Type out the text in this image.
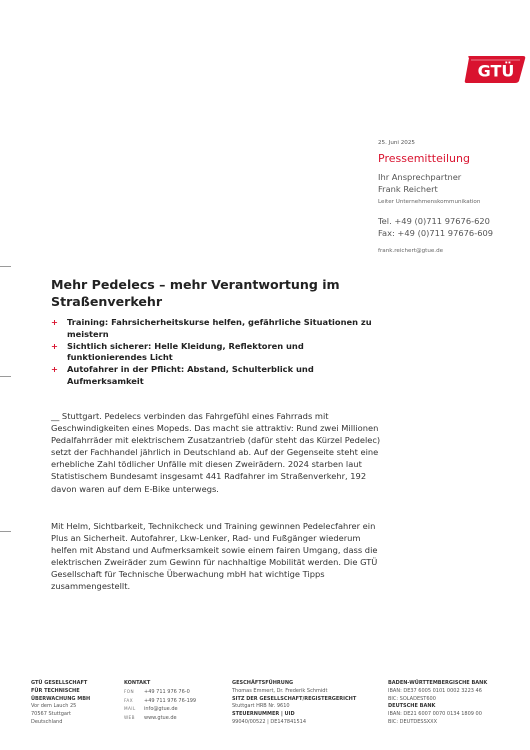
GTÜ
25. Juni 2025
Pressemitteilung
Ihr Ansprechpartner
Frank Reichert
Leiter Unternehmenskommunikation
Tel. +49 (0)711 97676-620
Fax: +49 (0)711 97676-609
frank.reichert@gtue.de
Mehr Pedelecs – mehr Verantwortung im
Straßenverkehr
+ Training: Fahrsicherheitskurse helfen, gefährliche Situationen zu meistern
+ Sichtlich sicherer: Helle Kleidung, Reflektoren und funktionierendes Licht
+ Autofahrer in der Pflicht: Abstand, Schulterblick und Aufmerksamkeit

__ Stuttgart. Pedelecs verbinden das Fahrgefühl eines Fahrrads mit Geschwindigkeiten eines Mopeds. Das macht sie attraktiv: Rund zwei Millionen Pedalfahrräder mit elektrischem Zusatzantrieb (dafür steht das Kürzel Pedelec) setzt der Fachhandel jährlich in Deutschland ab. Auf der Gegenseite steht eine erhebliche Zahl tödlicher Unfälle mit diesen Zweirädern. 2024 starben laut Statistischem Bundesamt insgesamt 441 Radfahrer im Straßenverkehr, 192 davon waren auf dem E-Bike unterwegs.

Mit Helm, Sichtbarkeit, Technikcheck und Training gewinnen Pedelecfahrer ein Plus an Sicherheit. Autofahrer, Lkw-Lenker, Rad- und Fußgänger wiederum helfen mit Abstand und Aufmerksamkeit sowie einem fairen Umgang, dass die elektrischen Zweiräder zum Gewinn für nachhaltige Mobilität werden. Die GTÜ Gesellschaft für Technische Überwachung mbH hat wichtige Tipps zusammengestellt.

GTÜ GESELLSCHAFT
FÜR TECHNISCHE
ÜBERWACHUNG MBH
Vor dem Lauch 25
70567 Stuttgart
Deutschland
KONTAKT
FON +49 711 976 76-0
FAX +49 711 976 76-199
MAIL info@gtue.de
WEB www.gtue.de
GESCHÄFTSFÜHRUNG
Thomas Emmert, Dr. Frederik Schmidt
SITZ DER GESELLSCHAFT/REGISTERGERICHT
Stuttgart HRB Nr. 9610
STEUERNUMMER | UID
99040/00522 | DE147841514
BADEN-WÜRTTEMBERGISCHE BANK
IBAN: DE37 6005 0101 0002 3223 46
BIC: SOLADEST600
DEUTSCHE BANK
IBAN: DE21 6007 0070 0134 1809 00
BIC: DEUTDESSXXX
